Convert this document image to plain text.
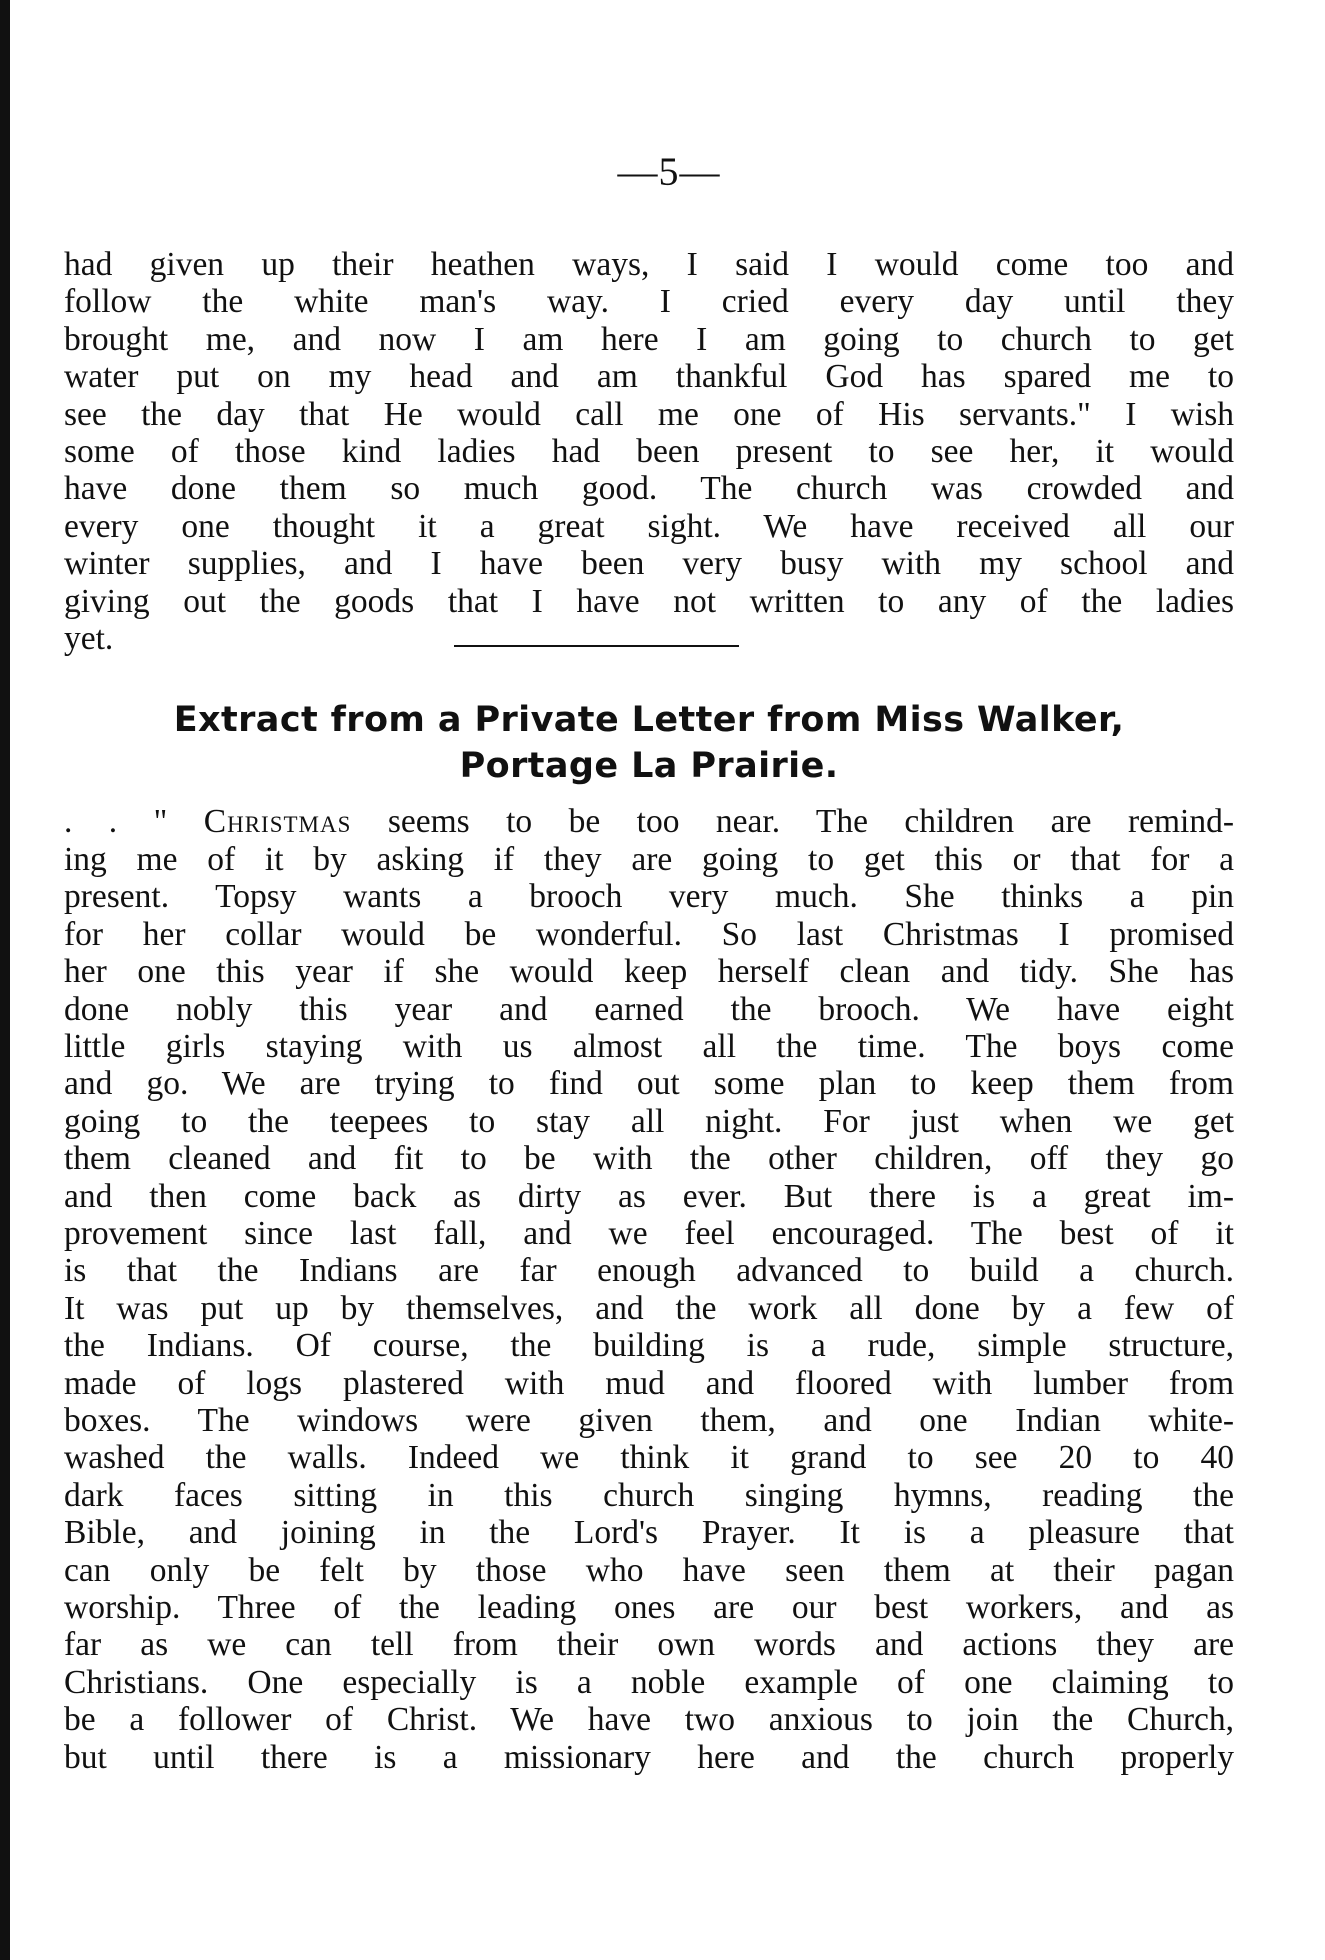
—5—
had given up their heathen ways, I said I would come too and
follow the white man's way. I cried every day until they
brought me, and now I am here I am going to church to get
water put on my head and am thankful God has spared me to
see the day that He would call me one of His servants." I wish
some of those kind ladies had been present to see her, it would
have done them so much good. The church was crowded and
every one thought it a great sight. We have received all our
winter supplies, and I have been very busy with my school and
giving out the goods that I have not written to any of the ladies
yet.
Extract from a Private Letter from Miss Walker,
Portage La Prairie.
. . " Christmas seems to be too near. The children are remind-
ing me of it by asking if they are going to get this or that for a
present. Topsy wants a brooch very much. She thinks a pin
for her collar would be wonderful. So last Christmas I promised
her one this year if she would keep herself clean and tidy. She has
done nobly this year and earned the brooch. We have eight
little girls staying with us almost all the time. The boys come
and go. We are trying to find out some plan to keep them from
going to the teepees to stay all night. For just when we get
them cleaned and fit to be with the other children, off they go
and then come back as dirty as ever. But there is a great im-
provement since last fall, and we feel encouraged. The best of it
is that the Indians are far enough advanced to build a church.
It was put up by themselves, and the work all done by a few of
the Indians. Of course, the building is a rude, simple structure,
made of logs plastered with mud and floored with lumber from
boxes. The windows were given them, and one Indian white-
washed the walls. Indeed we think it grand to see 20 to 40
dark faces sitting in this church singing hymns, reading the
Bible, and joining in the Lord's Prayer. It is a pleasure that
can only be felt by those who have seen them at their pagan
worship. Three of the leading ones are our best workers, and as
far as we can tell from their own words and actions they are
Christians. One especially is a noble example of one claiming to
be a follower of Christ. We have two anxious to join the Church,
but until there is a missionary here and the church properly
